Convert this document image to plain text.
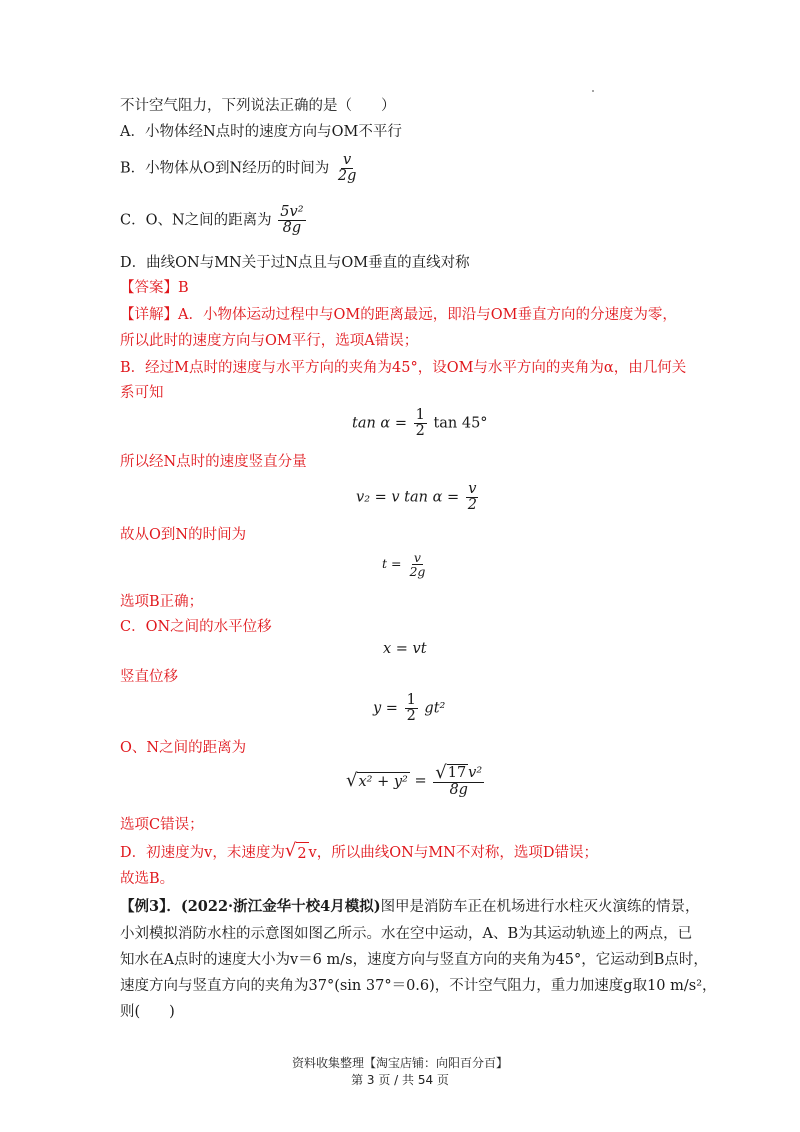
不计空气阻力，下列说法正确的是（　　）
A．小物体经N点时的速度方向与OM不平行
B．小物体从O到N经历的时间为 $\frac{v}{2g}$
C．O、N之间的距离为 $\frac{\text{5v²}}{8g}$
D．曲线ON与MN关于过N点且与OM垂直的直线对称
【答案】B
【详解】A．小物体运动过程中与OM的距离最远，即沿与OM垂直方向的分速度为零，
所以此时的速度方向与OM平行，选项A错误；
B．经过M点时的速度与水平方向的夹角为45°，设OM与水平方向的夹角为α，由几何关
系可知
$\tan \alpha = \frac{1}{2}$ tan 45°
所以经N点时的速度竖直分量
v₂ = v $\tan \alpha = \frac{v}{2}$
故从O到N的时间为
$t = \frac{v}{2g}$
选项B正确；
C．ON之间的水平位移
x = vt
竖直位移
$y = \frac{1}{2} gt^2$
O、N之间的距离为
√ $x^2 + y^2 = \frac{\text{√ 17 v²}}{8g}$
选项C错误；
D．初速度为v，末速度为 √ 2 v，所以曲线ON与MN不对称，选项D错误；
故选B。
【例3】．(2022·浙江金华十校4月模拟)图甲是消防车正在机场进行水柱灭火演练的情景，
小刘模拟消防水柱的示意图如图乙所示。水在空中运动，A、B为其运动轨迹上的两点，已
知水在A点时的速度大小为v＝6 m/s，速度方向与竖直方向的夹角为45°，它运动到B点时，
速度方向与竖直方向的夹角为37°(sin 37°＝0.6)，不计空气阻力，重力加速度g取10 m/s²，
则(　　)
资料收集整理【淘宝店铺：向阳百分百】
第 3 页 / 共 54 页
